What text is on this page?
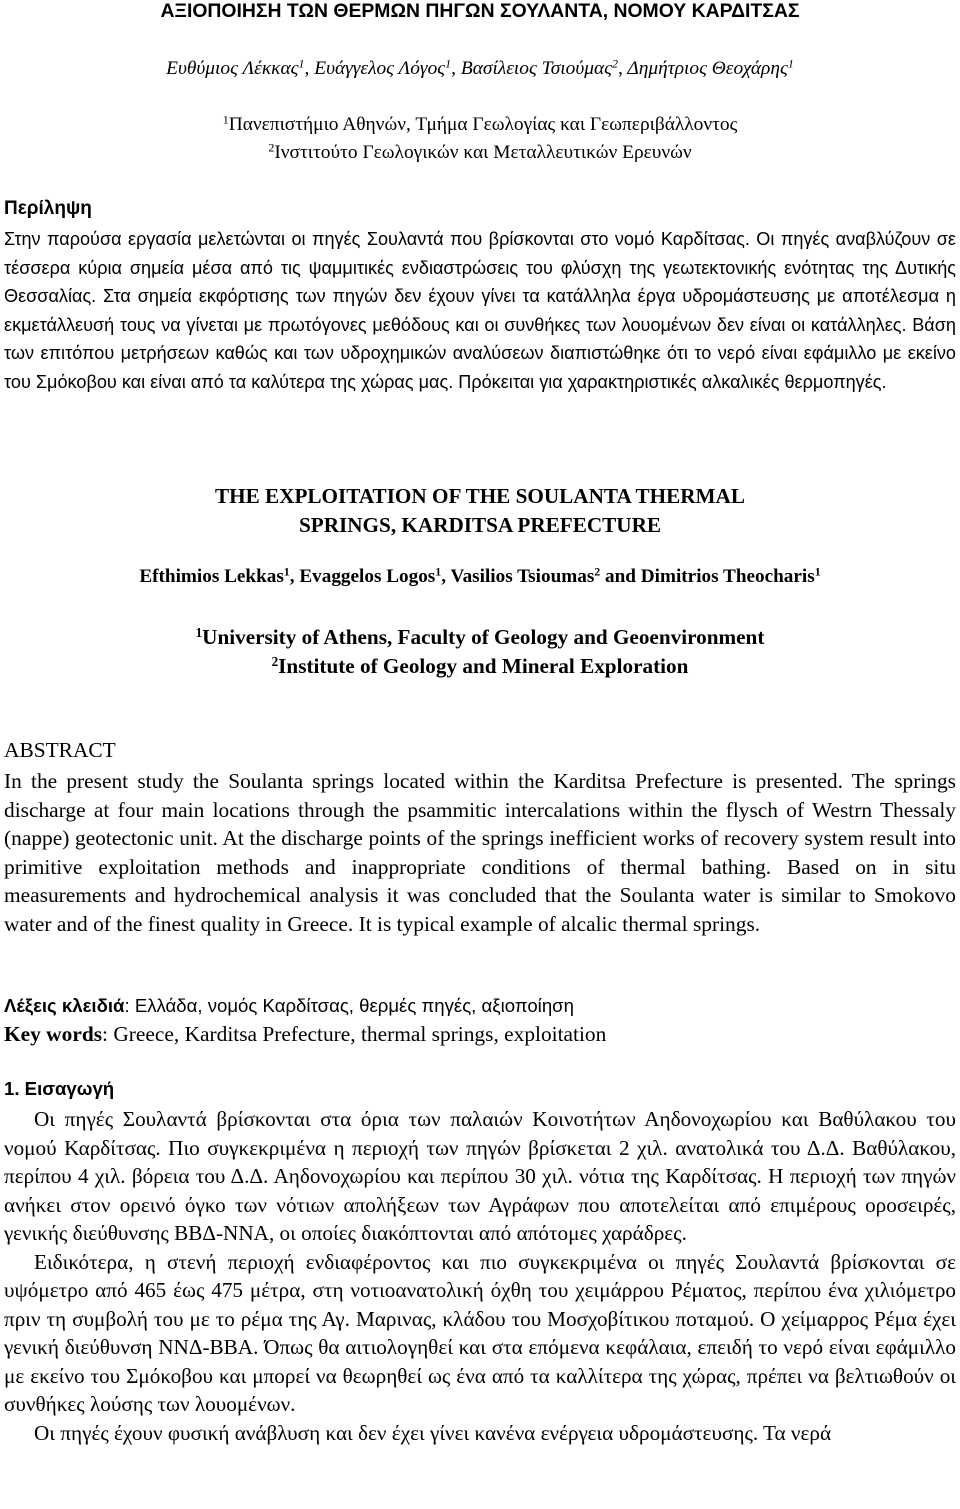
ΑΞΙΟΠΟΙΗΣΗ ΤΩΝ ΘΕΡΜΩΝ ΠΗΓΩΝ ΣΟΥΛΑΝΤΑ, ΝΟΜΟΥ ΚΑΡΔΙΤΣΑΣ
Ευθύμιος Λέκκας$^1$, Ευάγγελος Λόγος$^1$, Βασίλειος Τσιούμας$^2$, Δημήτριος Θεοχάρης$^1$
$^1$Πανεπιστήμιο Αθηνών, Τμήμα Γεωλογίας και Γεωπεριβάλλοντος
$^2$Ινστιτούτο Γεωλογικών και Μεταλλευτικών Ερευνών
Περίληψη

Στην παρούσα εργασία μελετώνται οι πηγές Σουλαντά που βρίσκονται στο νομό Καρδίτσας. Οι πηγές αναβλύζουν σε τέσσερα κύρια σημεία μέσα από τις ψαμμιτικές ενδιαστρώσεις του φλύσχη της γεωτεκτονικής ενότητας της Δυτικής Θεσσαλίας. Στα σημεία εκφόρτισης των πηγών δεν έχουν γίνει τα κατάλληλα έργα υδρομάστευσης με αποτέλεσμα η εκμετάλλευσή τους να γίνεται με πρωτόγονες μεθόδους και οι συνθήκες των λουομένων δεν είναι οι κατάλληλες. Βάση των επιτόπου μετρήσεων καθώς και των υδροχημικών αναλύσεων διαπιστώθηκε ότι το νερό είναι εφάμιλλο με εκείνο του Σμόκοβου και είναι από τα καλύτερα της χώρας μας. Πρόκειται για χαρακτηριστικές αλκαλικές θερμοπηγές.

THE EXPLOITATION OF THE SOULANTA THERMAL SPRINGS, KARDITSA PREFECTURE
Efthimios Lekkas$^1$, Evaggelos Logos$^1$, Vasilios Tsioumas$^2$ and Dimitrios Theocharis$^1$
$^1$University of Athens, Faculty of Geology and Geoenvironment
$^2$Institute of Geology and Mineral Exploration
ABSTRACT

In the present study the Soulanta springs located within the Karditsa Prefecture is presented. The springs discharge at four main locations through the psammitic intercalations within the flysch of Westrn Thessaly (nappe) geotectonic unit. At the discharge points of the springs inefficient works of recovery system result into primitive exploitation methods and inappropriate conditions of thermal bathing. Based on in situ measurements and hydrochemical analysis it was concluded that the Soulanta water is similar to Smokovo water and of the finest quality in Greece. It is typical example of alcalic thermal springs.

Λέξεις κλειδιά: Ελλάδα, νομός Καρδίτσας, θερμές πηγές, αξιοποίηση
Key words: Greece, Karditsa Prefecture, thermal springs, exploitation
1. Εισαγωγή

Οι πηγές Σουλαντά βρίσκονται στα όρια των παλαιών Κοινοτήτων Αηδονοχωρίου και Βαθύλακου του νομού Καρδίτσας. Πιο συγκεκριμένα η περιοχή των πηγών βρίσκεται 2 χιλ. ανατολικά του Δ.Δ. Βαθύλακου, περίπου 4 χιλ. βόρεια του Δ.Δ. Αηδονοχωρίου και περίπου 30 χιλ. νότια της Καρδίτσας. Η περιοχή των πηγών ανήκει στον ορεινό όγκο των νότιων απολήξεων των Αγράφων που αποτελείται από επιμέρους οροσειρές, γενικής διεύθυνσης ΒΒΔ-ΝΝΑ, οι οποίες διακόπτονται από απότομες χαράδρες.

Ειδικότερα, η στενή περιοχή ενδιαφέροντος και πιο συγκεκριμένα οι πηγές Σουλαντά βρίσκονται σε υψόμετρο από 465 έως 475 μέτρα, στη νοτιοανατολική όχθη του χειμάρρου Ρέματος, περίπου ένα χιλιόμετρο πριν τη συμβολή του με το ρέμα της Αγ. Μαρινας, κλάδου του Μοσχοβίτικου ποταμού. Ο χείμαρρος Ρέμα έχει γενική διεύθυνση ΝΝΔ-ΒΒΑ. Όπως θα αιτιολογηθεί και στα επόμενα κεφάλαια, επειδή το νερό είναι εφάμιλλο με εκείνο του Σμόκοβου και μπορεί να θεωρηθεί ως ένα από τα καλλίτερα της χώρας, πρέπει να βελτιωθούν οι συνθήκες λούσης των λουομένων.

Οι πηγές έχουν φυσική ανάβλυση και δεν έχει γίνει κανένα ενέργεια υδρομάστευσης. Τα νερά
